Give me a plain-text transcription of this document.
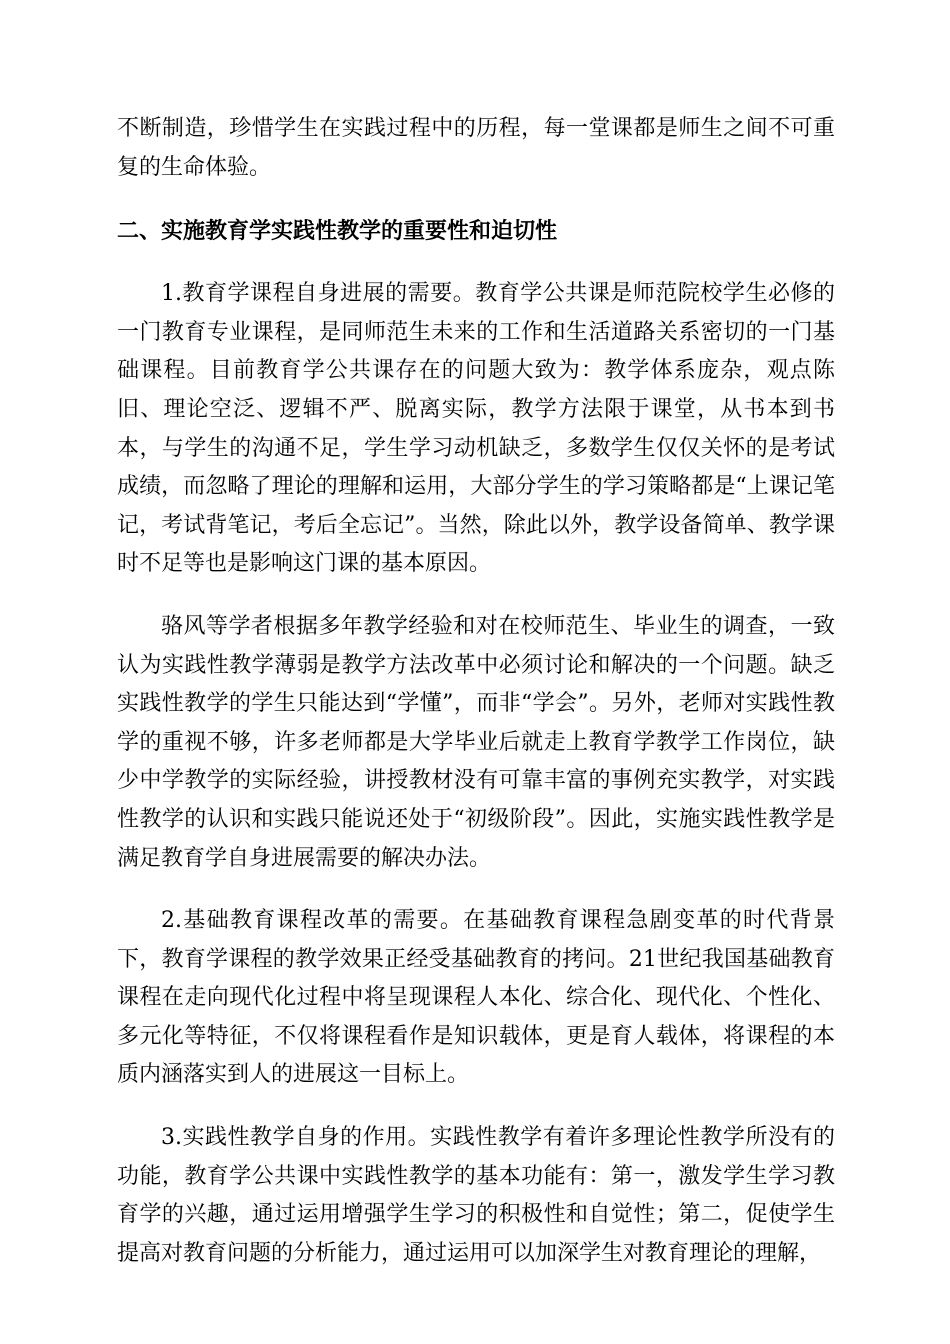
不断制造，珍惜学生在实践过程中的历程，每一堂课都是师生之间不可重复的生命体验。

二、实施教育学实践性教学的重要性和迫切性

1.教育学课程自身进展的需要。教育学公共课是师范院校学生必修的一门教育专业课程，是同师范生未来的工作和生活道路关系密切的一门基础课程。目前教育学公共课存在的问题大致为：教学体系庞杂，观点陈旧、理论空泛、逻辑不严、脱离实际，教学方法限于课堂，从书本到书本，与学生的沟通不足，学生学习动机缺乏，多数学生仅仅关怀的是考试成绩，而忽略了理论的理解和运用，大部分学生的学习策略都是“上课记笔记，考试背笔记，考后全忘记”。当然，除此以外，教学设备简单、教学课时不足等也是影响这门课的基本原因。

骆风等学者根据多年教学经验和对在校师范生、毕业生的调查，一致认为实践性教学薄弱是教学方法改革中必须讨论和解决的一个问题。缺乏实践性教学的学生只能达到“学懂”，而非“学会”。另外，老师对实践性教学的重视不够，许多老师都是大学毕业后就走上教育学教学工作岗位，缺少中学教学的实际经验，讲授教材没有可靠丰富的事例充实教学，对实践性教学的认识和实践只能说还处于“初级阶段”。因此，实施实践性教学是满足教育学自身进展需要的解决办法。

2.基础教育课程改革的需要。在基础教育课程急剧变革的时代背景下，教育学课程的教学效果正经受基础教育的拷问。21世纪我国基础教育课程在走向现代化过程中将呈现课程人本化、综合化、现代化、个性化、多元化等特征，不仅将课程看作是知识载体，更是育人载体，将课程的本质内涵落实到人的进展这一目标上。

3.实践性教学自身的作用。实践性教学有着许多理论性教学所没有的功能，教育学公共课中实践性教学的基本功能有：第一，激发学生学习教育学的兴趣，通过运用增强学生学习的积极性和自觉性；第二，促使学生提高对教育问题的分析能力，通过运用可以加深学生对教育理论的理解，
